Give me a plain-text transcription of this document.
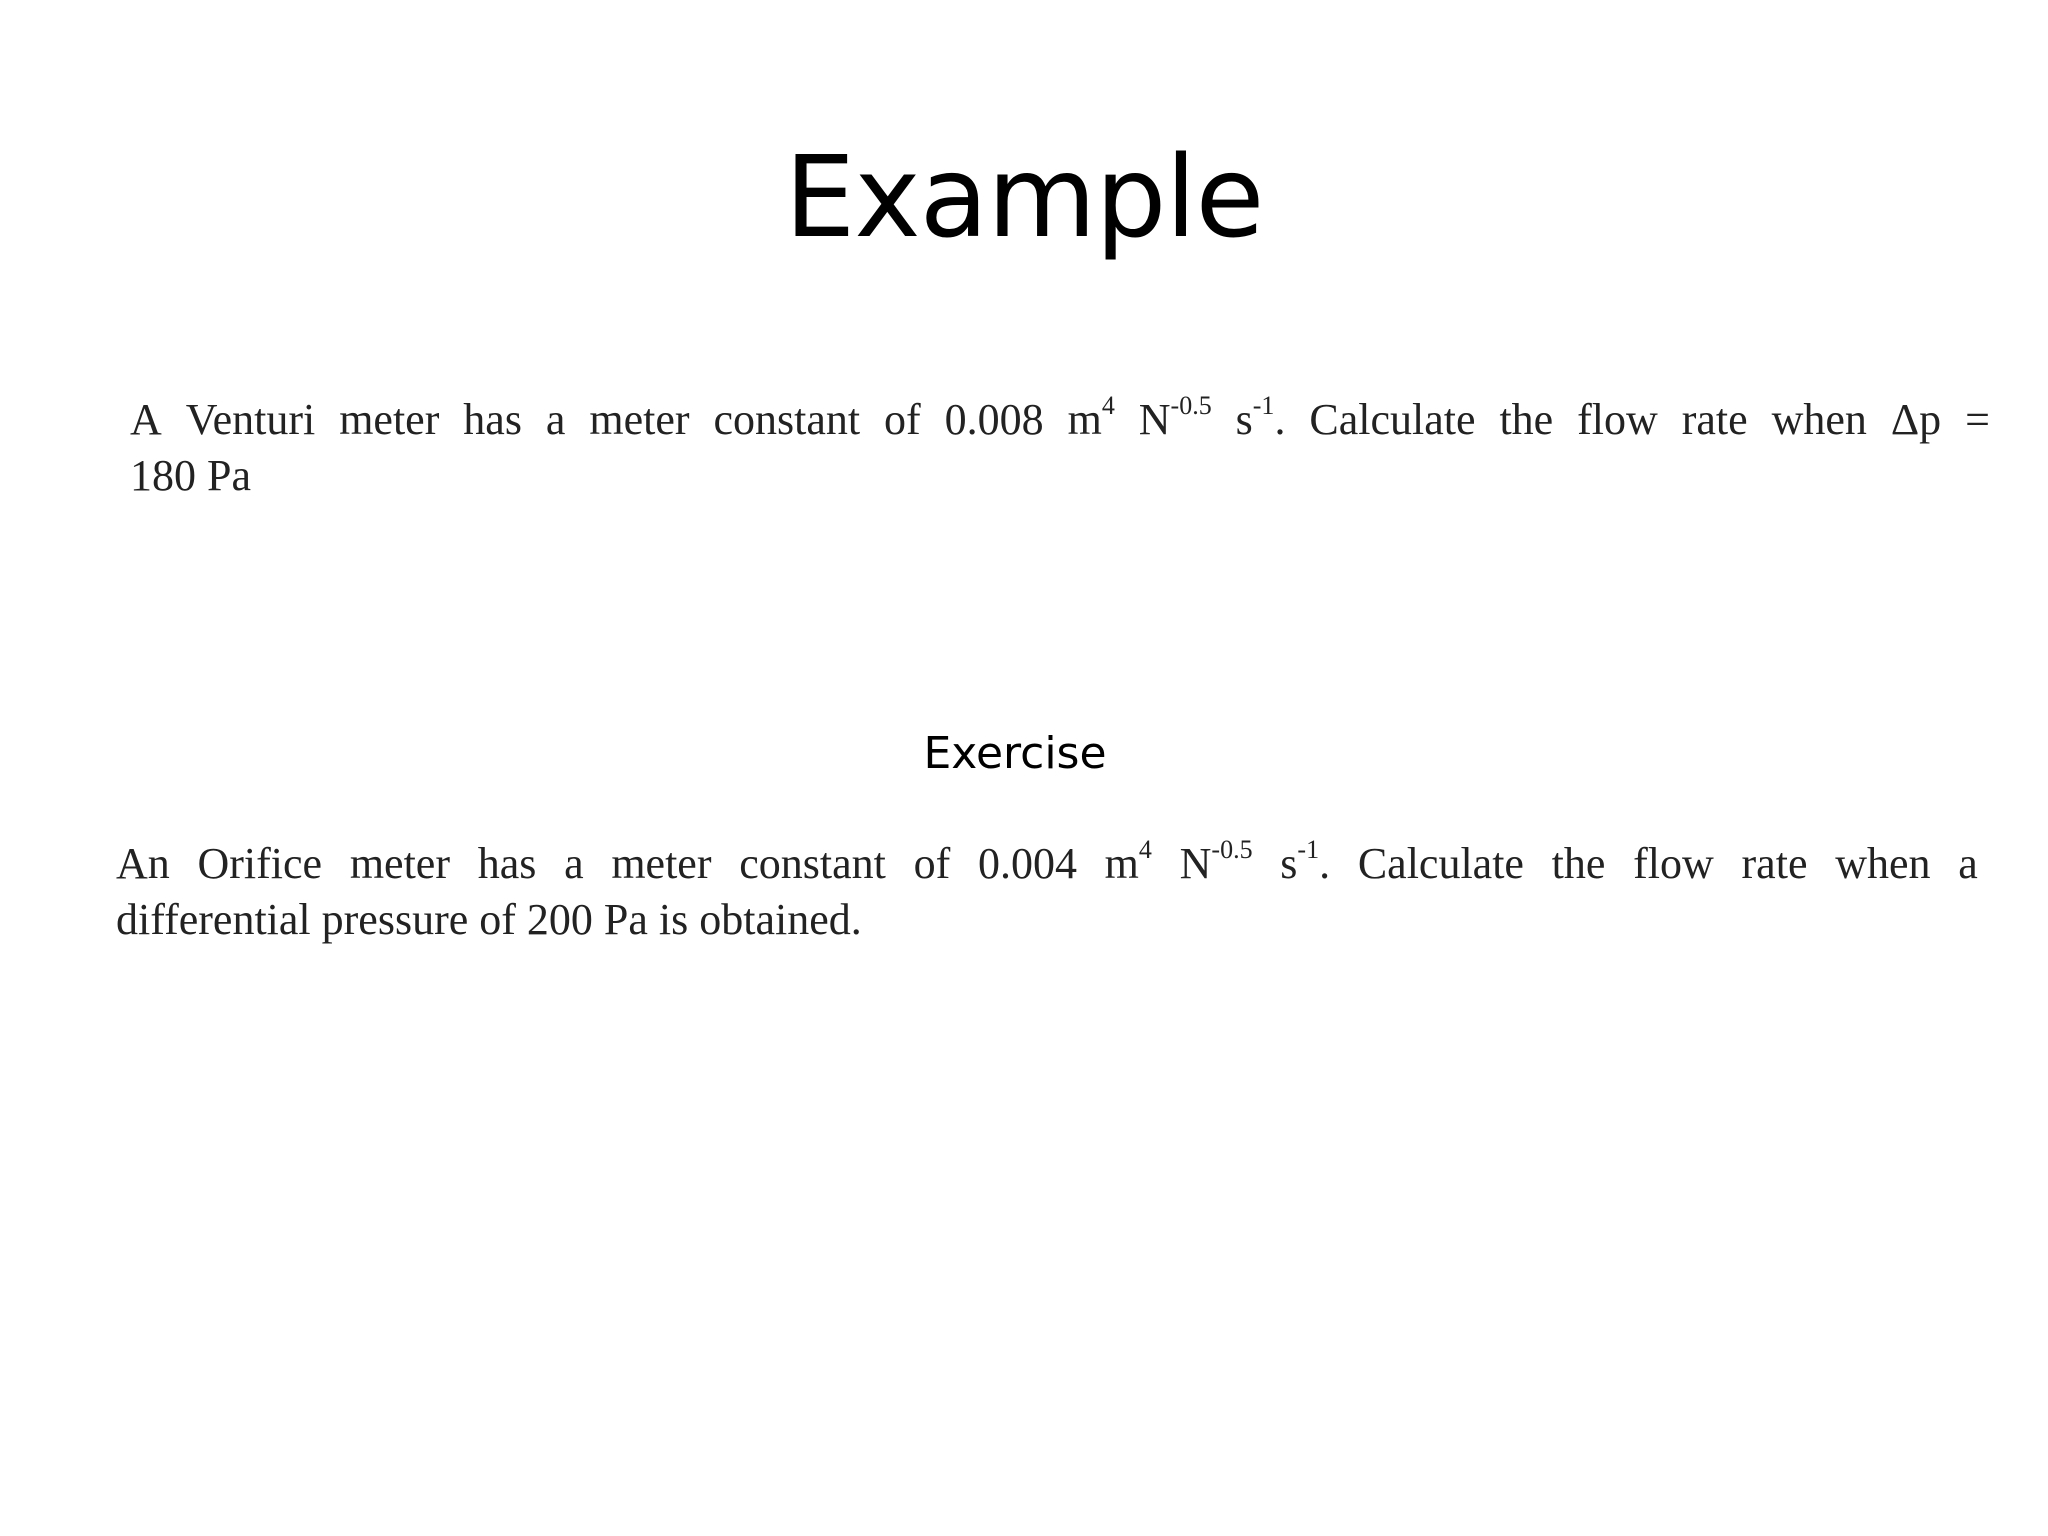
Example
A Venturi meter has a meter constant of 0.008 $m^4$ $N^{-0.5}$ $s^{-1}$. Calculate the flow rate when Δp =
180 Pa
Exercise
An Orifice meter has a meter constant of 0.004 $m^4$ $N^{-0.5}$ $s^{-1}$. Calculate the flow rate when a
differential pressure of 200 Pa is obtained.
